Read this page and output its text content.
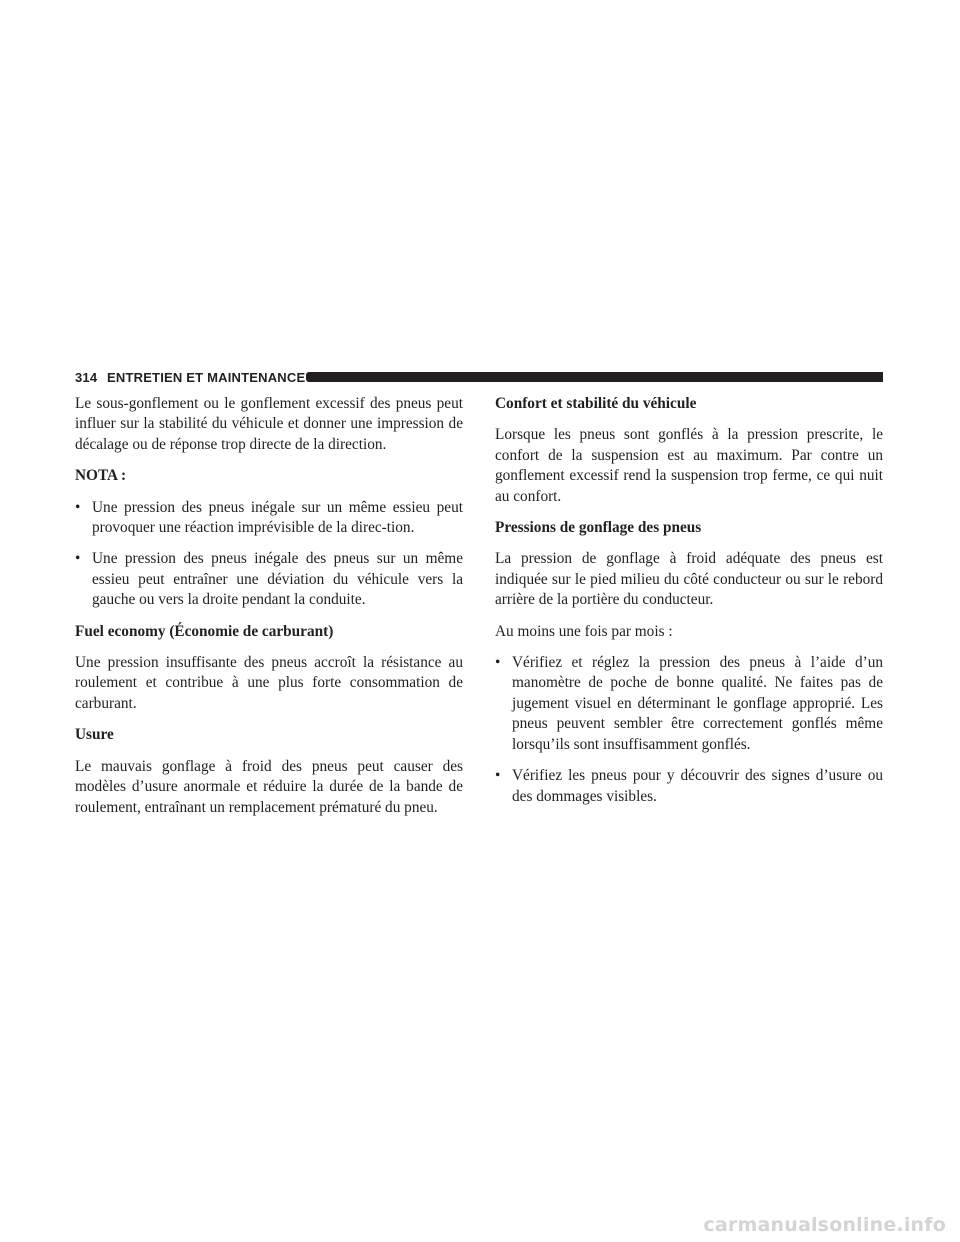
314 ENTRETIEN ET MAINTENANCE

Le sous-gonflement ou le gonflement excessif des pneus peut influer sur la stabilité du véhicule et donner une impression de décalage ou de réponse trop directe de la direction.

NOTA :
• Une pression des pneus inégale sur un même essieu peut provoquer une réaction imprévisible de la direc-tion.
• Une pression des pneus inégale des pneus sur un même essieu peut entraîner une déviation du véhicule vers la gauche ou vers la droite pendant la conduite.
Fuel economy (Économie de carburant)

Une pression insuffisante des pneus accroît la résistance au roulement et contribue à une plus forte consommation de carburant.

Usure

Le mauvais gonflage à froid des pneus peut causer des modèles d’usure anormale et réduire la durée de la bande de roulement, entraînant un remplacement prématuré du pneu.

Confort et stabilité du véhicule

Lorsque les pneus sont gonflés à la pression prescrite, le confort de la suspension est au maximum. Par contre un gonflement excessif rend la suspension trop ferme, ce qui nuit au confort.

Pressions de gonflage des pneus

La pression de gonflage à froid adéquate des pneus est indiquée sur le pied milieu du côté conducteur ou sur le rebord arrière de la portière du conducteur.

Au moins une fois par mois :

• Vérifiez et réglez la pression des pneus à l’aide d’un manomètre de poche de bonne qualité. Ne faites pas de jugement visuel en déterminant le gonflage approprié. Les pneus peuvent sembler être correctement gonflés même lorsqu’ils sont insuffisamment gonflés.
• Vérifiez les pneus pour y découvrir des signes d’usure ou des dommages visibles.
carmanualsonline.info
